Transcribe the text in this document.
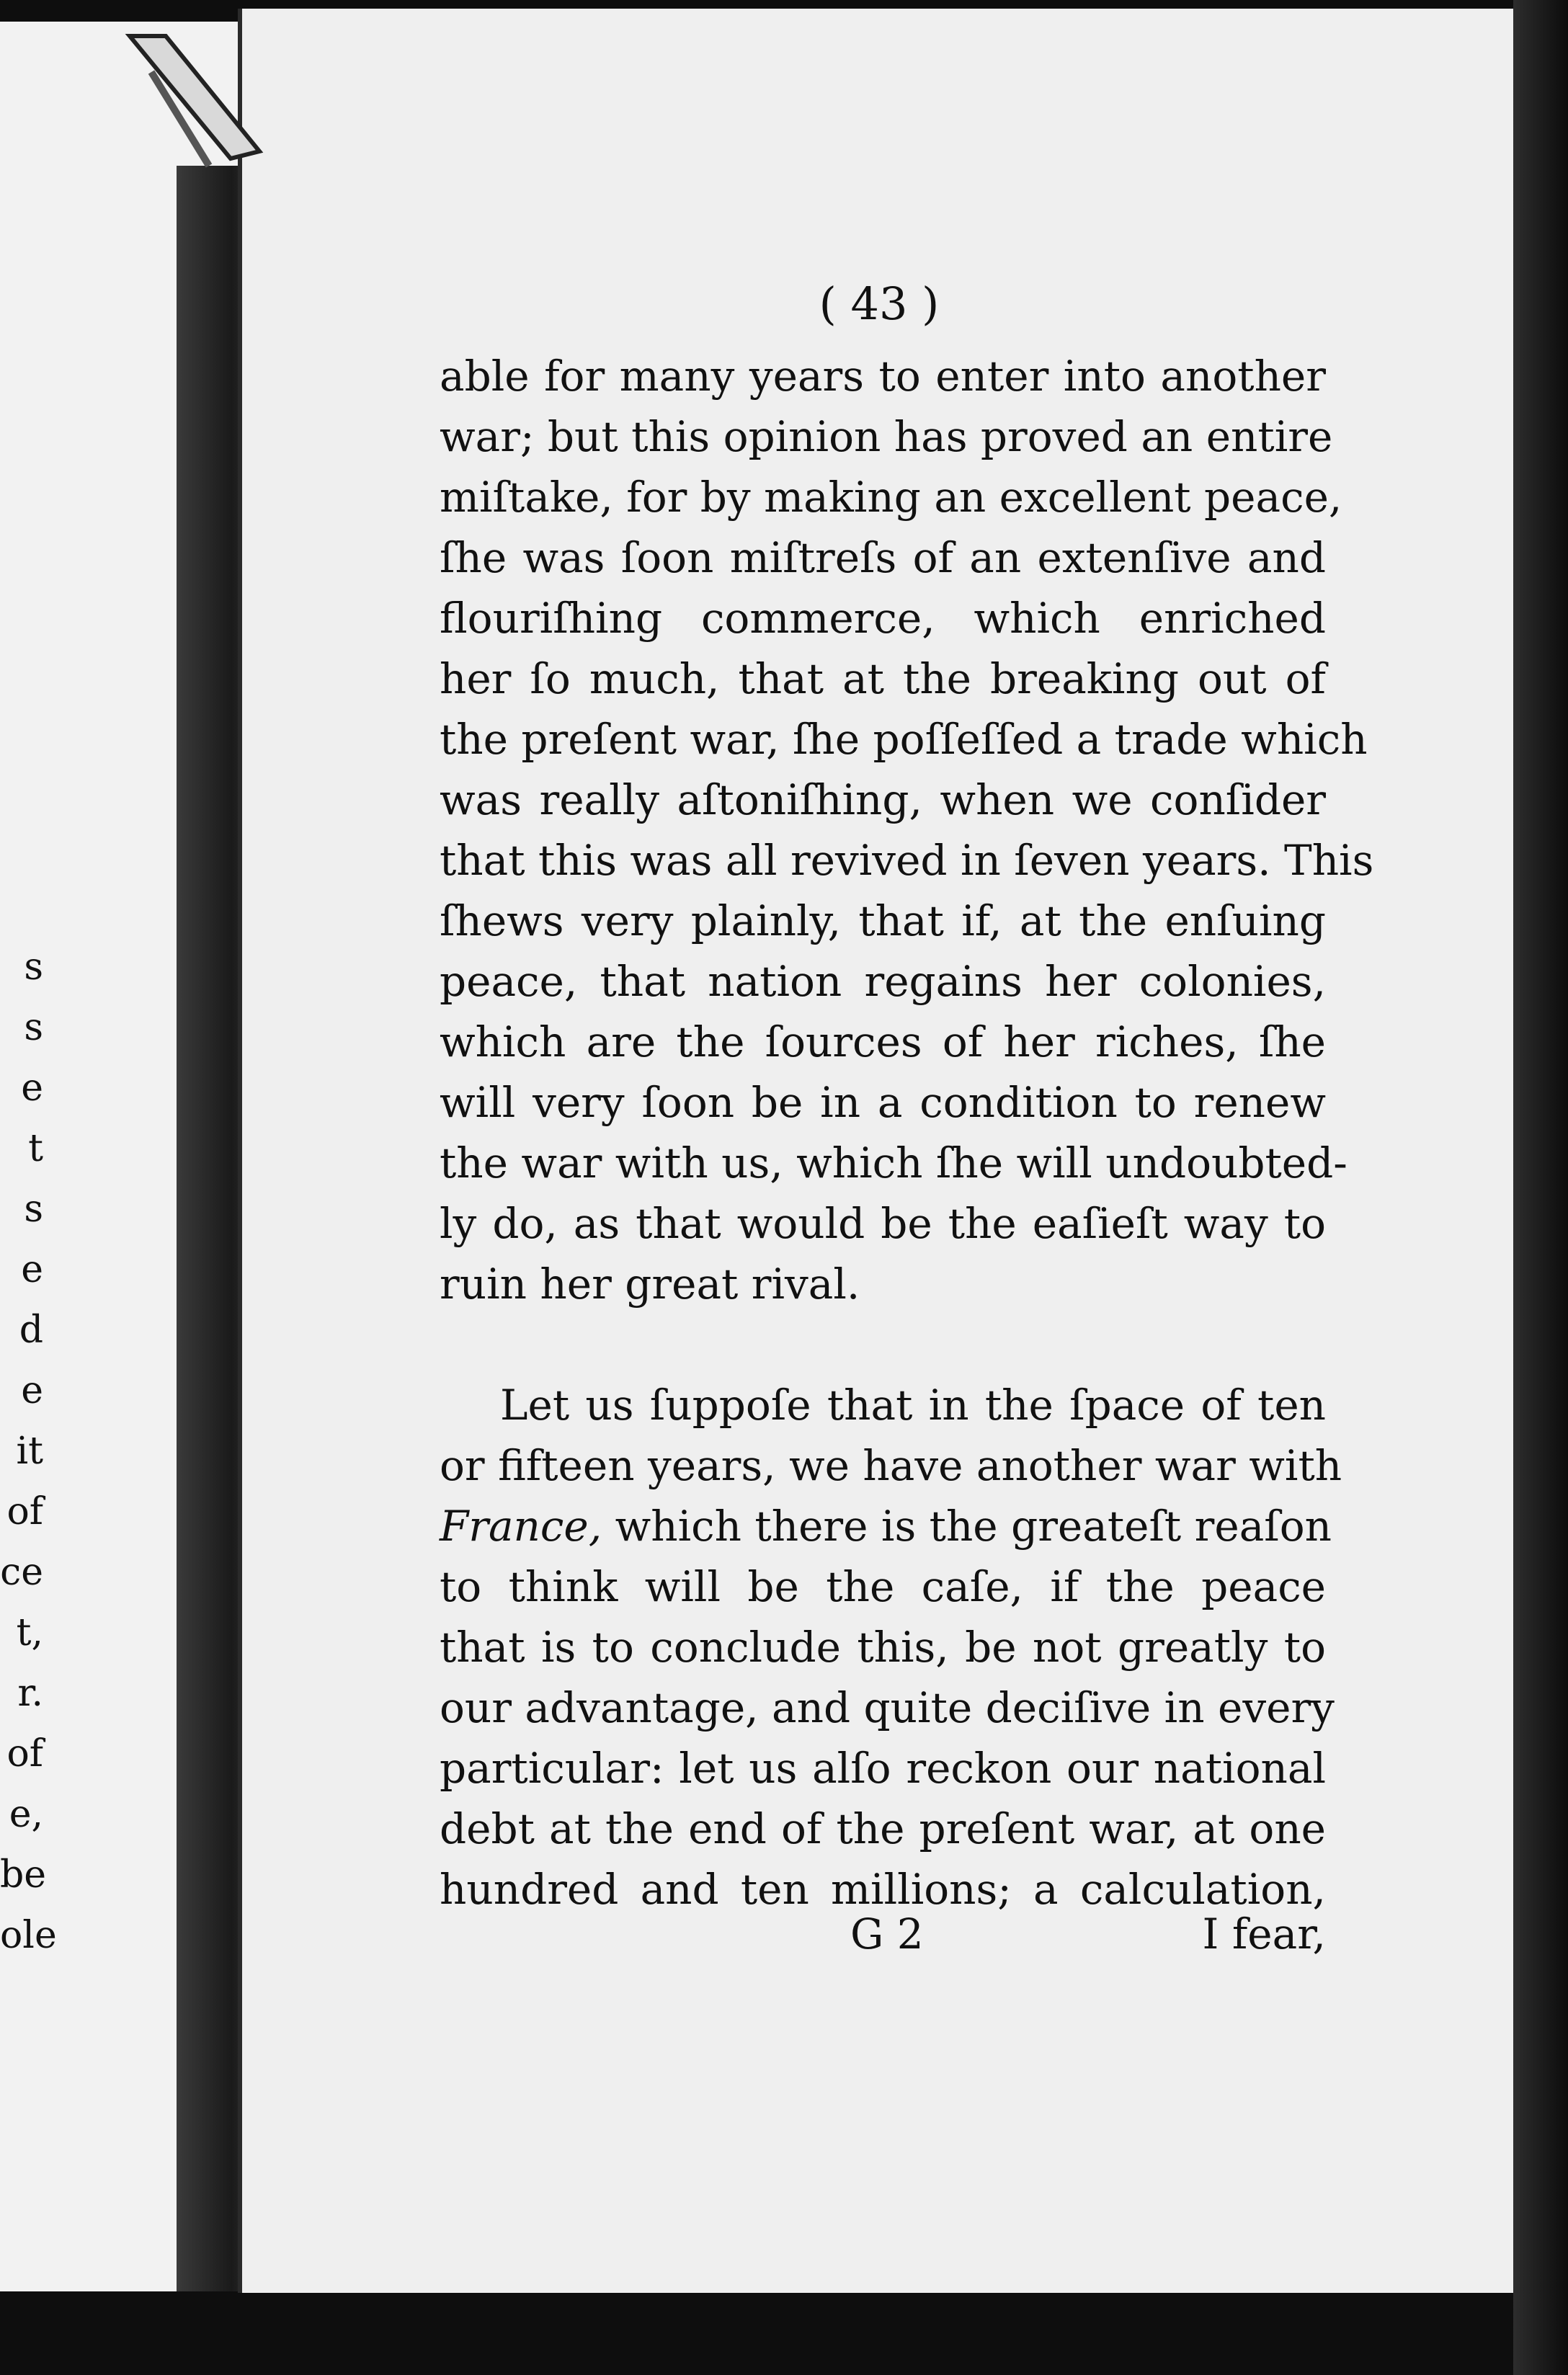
s
s
e
t
s
e
d
e
it
of
ce
t,
r.
of
e,
be
ole
( 43 )
able for many years to enter into another
war; but this opinion has proved an entire
miſtake, for by making an excellent peace,
ſhe was ſoon miſtreſs of an extenſive and
flouriſhing commerce, which enriched
her ſo much, that at the breaking out of
the preſent war, ſhe poſſeſſed a trade which
was really aſtoniſhing, when we conſider
that this was all revived in ſeven years. This
ſhews very plainly, that if, at the enſuing
peace, that nation regains her colonies,
which are the ſources of her riches, ſhe
will very ſoon be in a condition to renew
the war with us, which ſhe will undoubted-
ly do, as that would be the eaſieſt way to
ruin her great rival.
Let us ſuppoſe that in the ſpace of ten
or fifteen years, we have another war with
France, which there is the greateſt reaſon
to think will be the caſe, if the peace
that is to conclude this, be not greatly to
our advantage, and quite deciſive in every
particular: let us alſo reckon our national
debt at the end of the preſent war, at one
hundred and ten millions; a calculation,
G 2	I fear,
